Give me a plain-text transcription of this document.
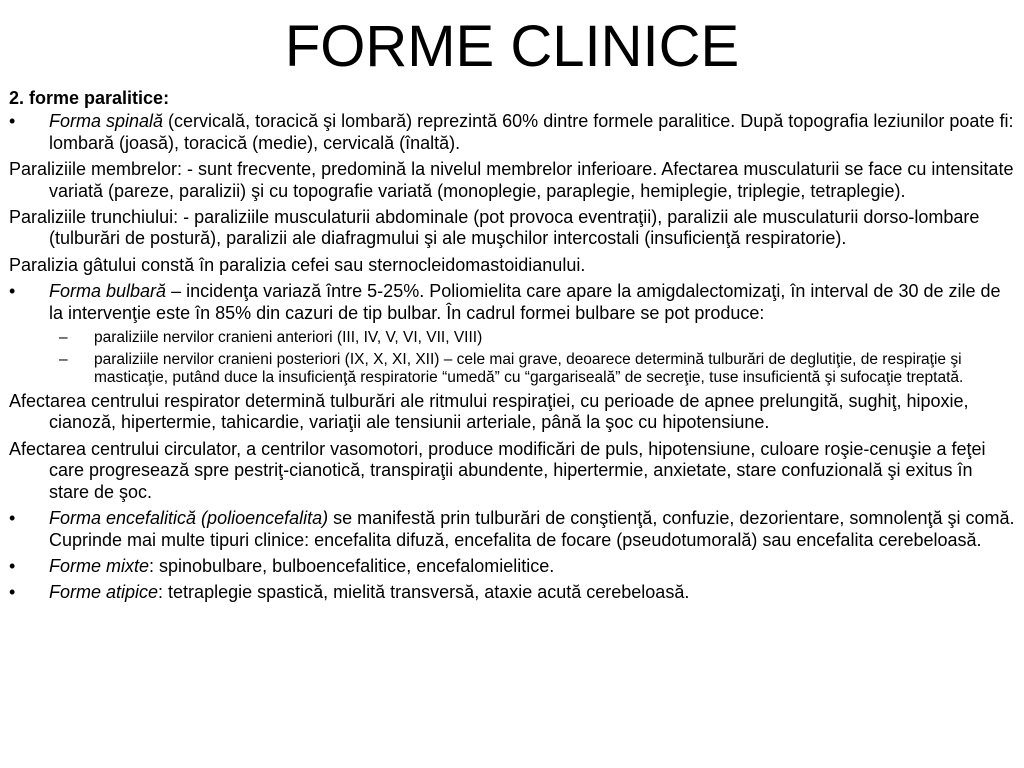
FORME CLINICE
2. forme paralitice:
• Forma spinală (cervicală, toracică şi lombară) reprezintă 60% dintre formele paralitice. După topografia leziunilor poate fi: lombară (joasă), toracică (medie), cervicală (înaltă).
Paraliziile membrelor: - sunt frecvente, predomină la nivelul membrelor inferioare. Afectarea musculaturii se face cu intensitate variată (pareze, paralizii) şi cu topografie variată (monoplegie, paraplegie, hemiplegie, triplegie, tetraplegie).
Paraliziile trunchiului: - paraliziile musculaturii abdominale (pot provoca eventraţii), paralizii ale musculaturii dorso-lombare (tulburări de postură), paralizii ale diafragmului şi ale muşchilor intercostali (insuficienţă respiratorie).
Paralizia gâtului constă în paralizia cefei sau sternocleidomastoidianului.
• Forma bulbară – incidenţa variază între 5-25%. Poliomielita care apare la amigdalectomizaţi, în interval de 30 de zile de la intervenţie este în 85% din cazuri de tip bulbar. În cadrul formei bulbare se pot produce:
– paraliziile nervilor cranieni anteriori (III, IV, V, VI, VII, VIII)
– paraliziile nervilor cranieni posteriori (IX, X, XI, XII) – cele mai grave, deoarece determină tulburări de deglutiţie, de respiraţie şi masticaţie, putând duce la insuficienţă respiratorie “umedă” cu “gargariseală” de secreţie, tuse insuficientă şi sufocaţie treptată.
Afectarea centrului respirator determină tulburări ale ritmului respiraţiei, cu perioade de apnee prelungită, sughiţ, hipoxie, cianoză, hipertermie, tahicardie, variaţii ale tensiunii arteriale, până la şoc cu hipotensiune.
Afectarea centrului circulator, a centrilor vasomotori, produce modificări de puls, hipotensiune, culoare roşie-cenuşie a feţei care progresează spre pestriţ-cianotică, transpiraţii abundente, hipertermie, anxietate, stare confuzională şi exitus în stare de şoc.
• Forma encefalitică (polioencefalita) se manifestă prin tulburări de conştienţă, confuzie, dezorientare, somnolenţă şi comă. Cuprinde mai multe tipuri clinice: encefalita difuză, encefalita de focare (pseudotumorală) sau encefalita cerebeloasă.
• Forme mixte: spinobulbare, bulboencefalitice, encefalomielitice.
• Forme atipice: tetraplegie spastică, mielită transversă, ataxie acută cerebeloasă.
